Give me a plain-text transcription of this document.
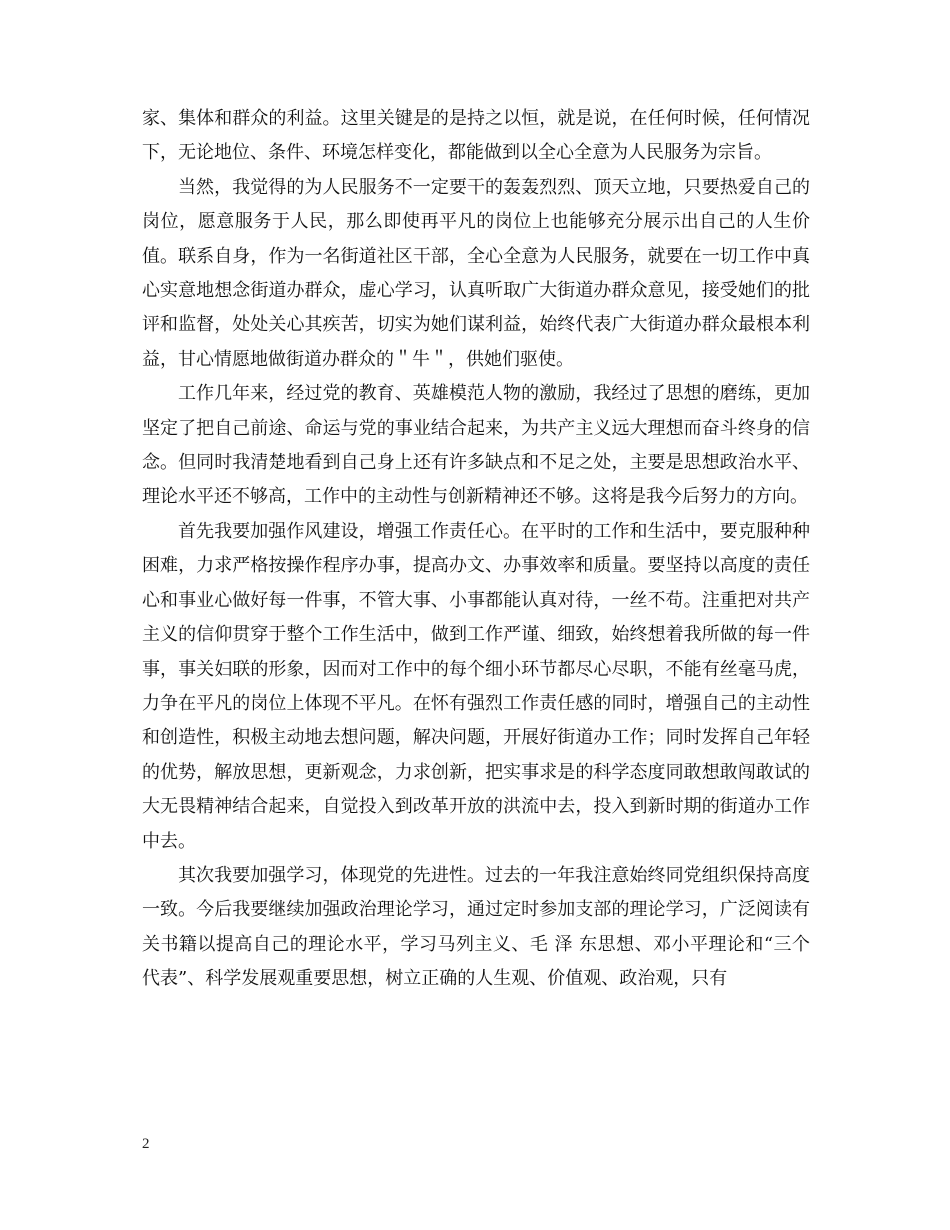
家、集体和群众的利益。这里关键是的是持之以恒，就是说，在任何时候，任何情况下，无论地位、条件、环境怎样变化，都能做到以全心全意为人民服务为宗旨。

当然，我觉得的为人民服务不一定要干的轰轰烈烈、顶天立地，只要热爱自己的岗位，愿意服务于人民，那么即使再平凡的岗位上也能够充分展示出自己的人生价值。联系自身，作为一名街道社区干部，全心全意为人民服务，就要在一切工作中真心实意地想念街道办群众，虚心学习，认真听取广大街道办群众意见，接受她们的批评和监督，处处关心其疾苦，切实为她们谋利益，始终代表广大街道办群众最根本利益，甘心情愿地做街道办群众的＂牛＂，供她们驱使。

工作几年来，经过党的教育、英雄模范人物的激励，我经过了思想的磨练，更加坚定了把自己前途、命运与党的事业结合起来，为共产主义远大理想而奋斗终身的信念。但同时我清楚地看到自己身上还有许多缺点和不足之处，主要是思想政治水平、理论水平还不够高，工作中的主动性与创新精神还不够。这将是我今后努力的方向。

首先我要加强作风建设，增强工作责任心。在平时的工作和生活中，要克服种种困难，力求严格按操作程序办事，提高办文、办事效率和质量。要坚持以高度的责任心和事业心做好每一件事，不管大事、小事都能认真对待，一丝不苟。注重把对共产主义的信仰贯穿于整个工作生活中，做到工作严谨、细致，始终想着我所做的每一件事，事关妇联的形象，因而对工作中的每个细小环节都尽心尽职，不能有丝毫马虎，力争在平凡的岗位上体现不平凡。在怀有强烈工作责任感的同时，增强自己的主动性和创造性，积极主动地去想问题，解决问题，开展好街道办工作；同时发挥自己年轻的优势，解放思想，更新观念，力求创新，把实事求是的科学态度同敢想敢闯敢试的大无畏精神结合起来，自觉投入到改革开放的洪流中去，投入到新时期的街道办工作中去。

其次我要加强学习，体现党的先进性。过去的一年我注意始终同党组织保持高度一致。今后我要继续加强政治理论学习，通过定时参加支部的理论学习，广泛阅读有关书籍以提高自己的理论水平，学习马列主义、毛 泽 东思想、邓小平理论和“三个代表”、科学发展观重要思想，树立正确的人生观、价值观、政治观，只有

2
